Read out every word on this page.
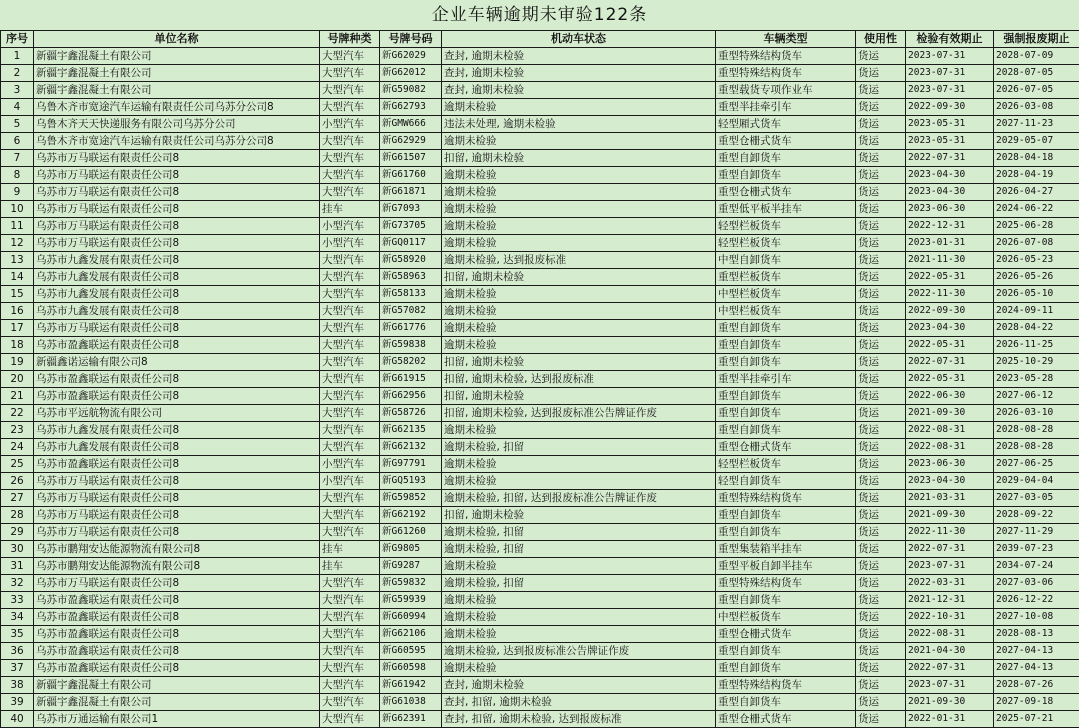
企业车辆逾期未审验122条
序号	单位名称	号牌种类	号牌号码	机动车状态	车辆类型	使用性	检验有效期止	强制报废期止
1	新疆宇鑫混凝土有限公司	大型汽车	新G62029	查封, 逾期未检验	重型特殊结构货车	货运	2023-07-31	2028-07-09
2	新疆宇鑫混凝土有限公司	大型汽车	新G62012	查封, 逾期未检验	重型特殊结构货车	货运	2023-07-31	2028-07-05
3	新疆宇鑫混凝土有限公司	大型汽车	新G59082	查封, 逾期未检验	重型载货专项作业车	货运	2023-07-31	2026-07-05
4	乌鲁木齐市宽途汽车运输有限责任公司乌苏分公司8	大型汽车	新G62793	逾期未检验	重型半挂牵引车	货运	2022-09-30	2026-03-08
5	乌鲁木齐天天快递服务有限公司乌苏分公司	小型汽车	新GMW666	违法未处理, 逾期未检验	轻型厢式货车	货运	2023-05-31	2027-11-23
6	乌鲁木齐市宽途汽车运输有限责任公司乌苏分公司8	大型汽车	新G62929	逾期未检验	重型仓栅式货车	货运	2023-05-31	2029-05-07
7	乌苏市万马联运有限责任公司8	大型汽车	新G61507	扣留, 逾期未检验	重型自卸货车	货运	2022-07-31	2028-04-18
8	乌苏市万马联运有限责任公司8	大型汽车	新G61760	逾期未检验	重型自卸货车	货运	2023-04-30	2028-04-19
9	乌苏市万马联运有限责任公司8	大型汽车	新G61871	逾期未检验	重型仓栅式货车	货运	2023-04-30	2026-04-27
10	乌苏市万马联运有限责任公司8	挂车	新G7093	逾期未检验	重型低平板半挂车	货运	2023-06-30	2024-06-22
11	乌苏市万马联运有限责任公司8	小型汽车	新G73705	逾期未检验	轻型栏板货车	货运	2022-12-31	2025-06-28
12	乌苏市万马联运有限责任公司8	小型汽车	新GQ0117	逾期未检验	轻型栏板货车	货运	2023-01-31	2026-07-08
13	乌苏市九鑫发展有限责任公司8	大型汽车	新G58920	逾期未检验, 达到报废标准	中型自卸货车	货运	2021-11-30	2026-05-23
14	乌苏市九鑫发展有限责任公司8	大型汽车	新G58963	扣留, 逾期未检验	重型栏板货车	货运	2022-05-31	2026-05-26
15	乌苏市九鑫发展有限责任公司8	大型汽车	新G58133	逾期未检验	中型栏板货车	货运	2022-11-30	2026-05-10
16	乌苏市九鑫发展有限责任公司8	大型汽车	新G57082	逾期未检验	中型栏板货车	货运	2022-09-30	2024-09-11
17	乌苏市万马联运有限责任公司8	大型汽车	新G61776	逾期未检验	重型自卸货车	货运	2023-04-30	2028-04-22
18	乌苏市盈鑫联运有限责任公司8	大型汽车	新G59838	逾期未检验	重型自卸货车	货运	2022-05-31	2026-11-25
19	新疆鑫诺运输有限公司8	大型汽车	新G58202	扣留, 逾期未检验	重型自卸货车	货运	2022-07-31	2025-10-29
20	乌苏市盈鑫联运有限责任公司8	大型汽车	新G61915	扣留, 逾期未检验, 达到报废标准	重型半挂牵引车	货运	2022-05-31	2023-05-28
21	乌苏市盈鑫联运有限责任公司8	大型汽车	新G62956	扣留, 逾期未检验	重型自卸货车	货运	2022-06-30	2027-06-12
22	乌苏市平远航物流有限公司	大型汽车	新G58726	扣留, 逾期未检验, 达到报废标准公告牌证作废	重型自卸货车	货运	2021-09-30	2026-03-10
23	乌苏市九鑫发展有限责任公司8	大型汽车	新G62135	逾期未检验	重型自卸货车	货运	2022-08-31	2028-08-28
24	乌苏市九鑫发展有限责任公司8	大型汽车	新G62132	逾期未检验, 扣留	重型仓栅式货车	货运	2022-08-31	2028-08-28
25	乌苏市盈鑫联运有限责任公司8	小型汽车	新G97791	逾期未检验	轻型栏板货车	货运	2023-06-30	2027-06-25
26	乌苏市万马联运有限责任公司8	小型汽车	新GQ5193	逾期未检验	轻型自卸货车	货运	2023-04-30	2029-04-04
27	乌苏市万马联运有限责任公司8	大型汽车	新G59852	逾期未检验, 扣留, 达到报废标准公告牌证作废	重型特殊结构货车	货运	2021-03-31	2027-03-05
28	乌苏市万马联运有限责任公司8	大型汽车	新G62192	扣留, 逾期未检验	重型自卸货车	货运	2021-09-30	2028-09-22
29	乌苏市万马联运有限责任公司8	大型汽车	新G61260	逾期未检验, 扣留	重型自卸货车	货运	2022-11-30	2027-11-29
30	乌苏市鹏翔安达能源物流有限公司8	挂车	新G9805	逾期未检验, 扣留	重型集装箱半挂车	货运	2022-07-31	2039-07-23
31	乌苏市鹏翔安达能源物流有限公司8	挂车	新G9287	逾期未检验	重型平板自卸半挂车	货运	2023-07-31	2034-07-24
32	乌苏市万马联运有限责任公司8	大型汽车	新G59832	逾期未检验, 扣留	重型特殊结构货车	货运	2022-03-31	2027-03-06
33	乌苏市盈鑫联运有限责任公司8	大型汽车	新G59939	逾期未检验	重型自卸货车	货运	2021-12-31	2026-12-22
34	乌苏市盈鑫联运有限责任公司8	大型汽车	新G60994	逾期未检验	中型栏板货车	货运	2022-10-31	2027-10-08
35	乌苏市盈鑫联运有限责任公司8	大型汽车	新G62106	逾期未检验	重型仓栅式货车	货运	2022-08-31	2028-08-13
36	乌苏市盈鑫联运有限责任公司8	大型汽车	新G60595	逾期未检验, 达到报废标准公告牌证作废	重型自卸货车	货运	2021-04-30	2027-04-13
37	乌苏市盈鑫联运有限责任公司8	大型汽车	新G60598	逾期未检验	重型自卸货车	货运	2022-07-31	2027-04-13
38	新疆宇鑫混凝土有限公司	大型汽车	新G61942	查封, 逾期未检验	重型特殊结构货车	货运	2023-07-31	2028-07-26
39	新疆宇鑫混凝土有限公司	大型汽车	新G61038	查封, 扣留, 逾期未检验	重型自卸货车	货运	2021-09-30	2027-09-18
40	乌苏市万通运输有限公司1	大型汽车	新G62391	查封, 扣留, 逾期未检验, 达到报废标准	重型仓栅式货车	货运	2022-01-31	2025-07-21
